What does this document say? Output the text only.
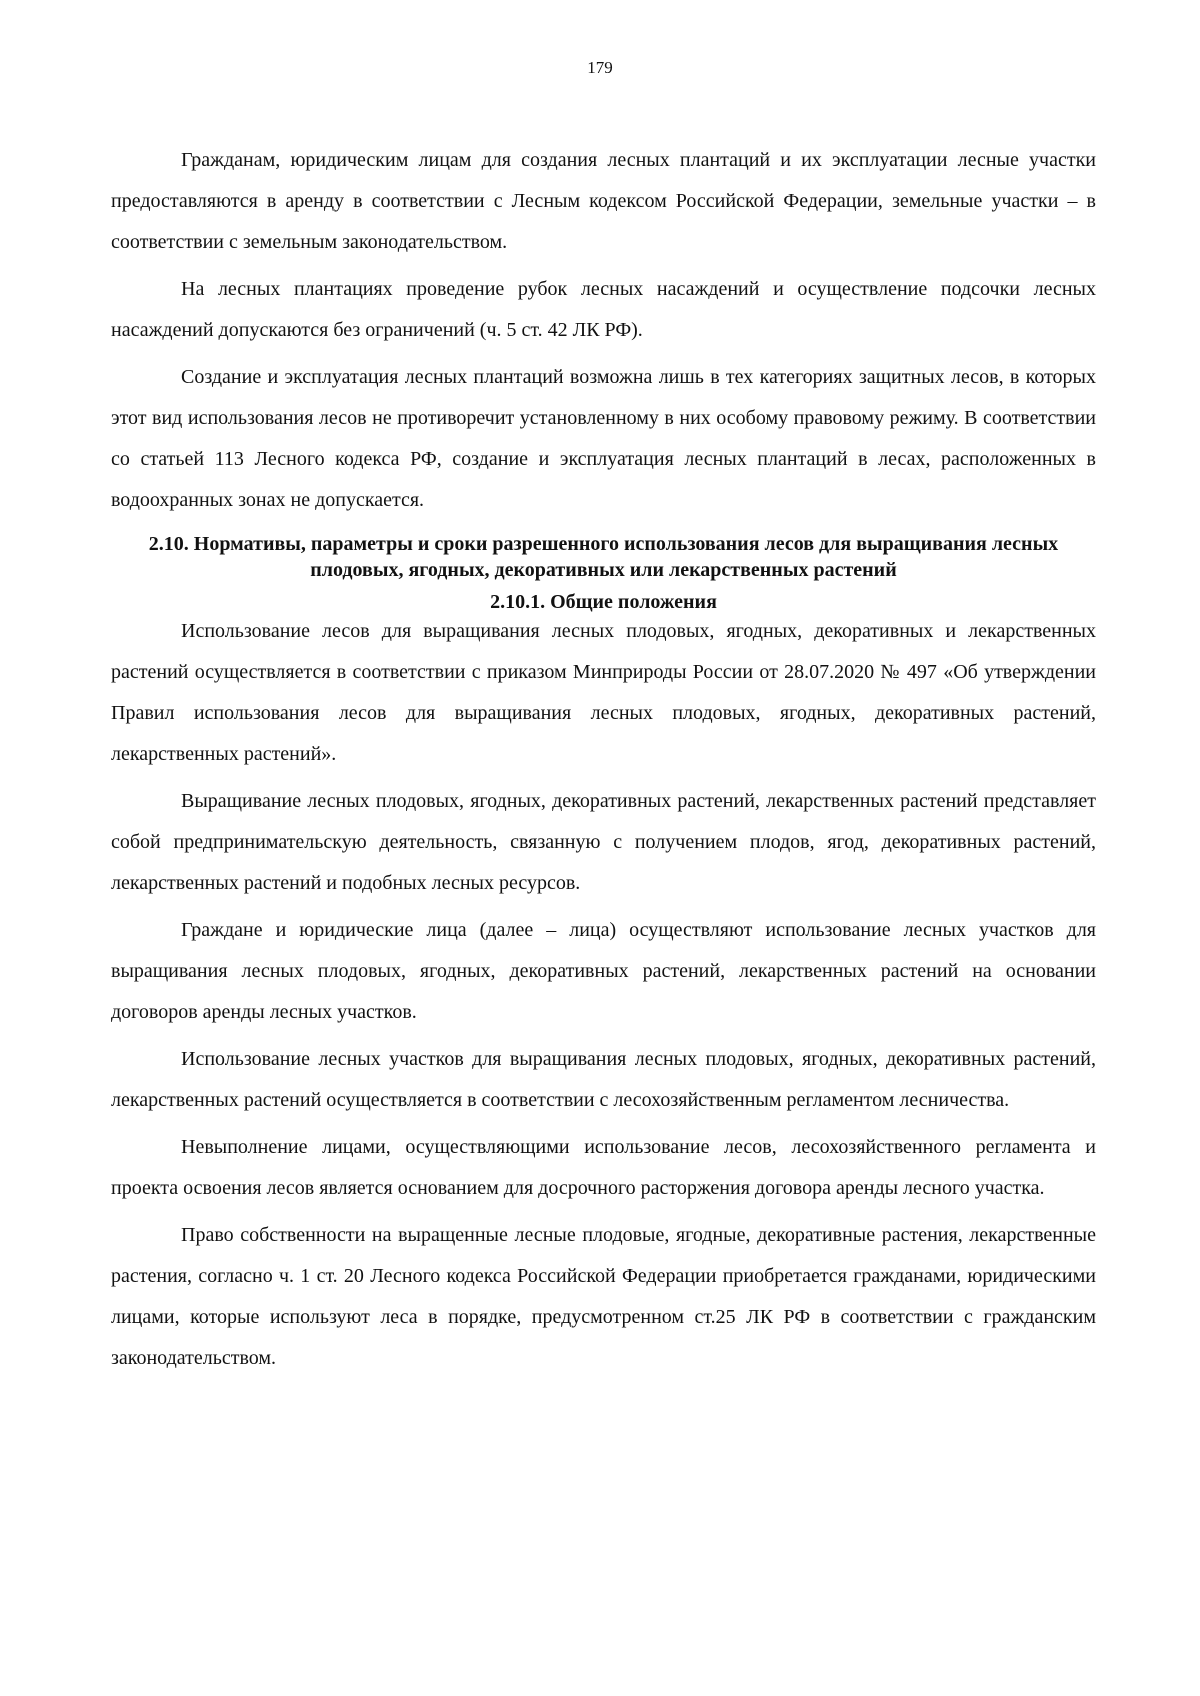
179

Гражданам, юридическим лицам для создания лесных плантаций и их эксплуатации лесные участки предоставляются в аренду в соответствии с Лесным кодексом Российской Федерации, земельные участки – в соответствии с земельным законодательством.

На лесных плантациях проведение рубок лесных насаждений и осуществление подсочки лесных насаждений допускаются без ограничений (ч. 5 ст. 42 ЛК РФ).

Создание и эксплуатация лесных плантаций возможна лишь в тех категориях защитных лесов, в которых этот вид использования лесов не противоречит установленному в них особому правовому режиму. В соответствии со статьей 113 Лесного кодекса РФ, создание и эксплуатация лесных плантаций в лесах, расположенных в водоохранных зонах не допускается.

2.10. Нормативы, параметры и сроки разрешенного использования лесов для выращивания лесных плодовых, ягодных, декоративных или лекарственных растений
2.10.1. Общие положения

Использование лесов для выращивания лесных плодовых, ягодных, декоративных и лекарственных растений осуществляется в соответствии с приказом Минприроды России от 28.07.2020 № 497 «Об утверждении Правил использования лесов для выращивания лесных плодовых, ягодных, декоративных растений, лекарственных растений».

Выращивание лесных плодовых, ягодных, декоративных растений, лекарственных растений представляет собой предпринимательскую деятельность, связанную с получением плодов, ягод, декоративных растений, лекарственных растений и подобных лесных ресурсов.

Граждане и юридические лица (далее – лица) осуществляют использование лесных участков для выращивания лесных плодовых, ягодных, декоративных растений, лекарственных растений на основании договоров аренды лесных участков.

Использование лесных участков для выращивания лесных плодовых, ягодных, декоративных растений, лекарственных растений осуществляется в соответствии с лесохозяйственным регламентом лесничества.

Невыполнение лицами, осуществляющими использование лесов, лесохозяйственного регламента и проекта освоения лесов является основанием для досрочного расторжения договора аренды лесного участка.

Право собственности на выращенные лесные плодовые, ягодные, декоративные растения, лекарственные растения, согласно ч. 1 ст. 20 Лесного кодекса Российской Федерации приобретается гражданами, юридическими лицами, которые используют леса в порядке, предусмотренном ст.25 ЛК РФ в соответствии с гражданским законодательством.
